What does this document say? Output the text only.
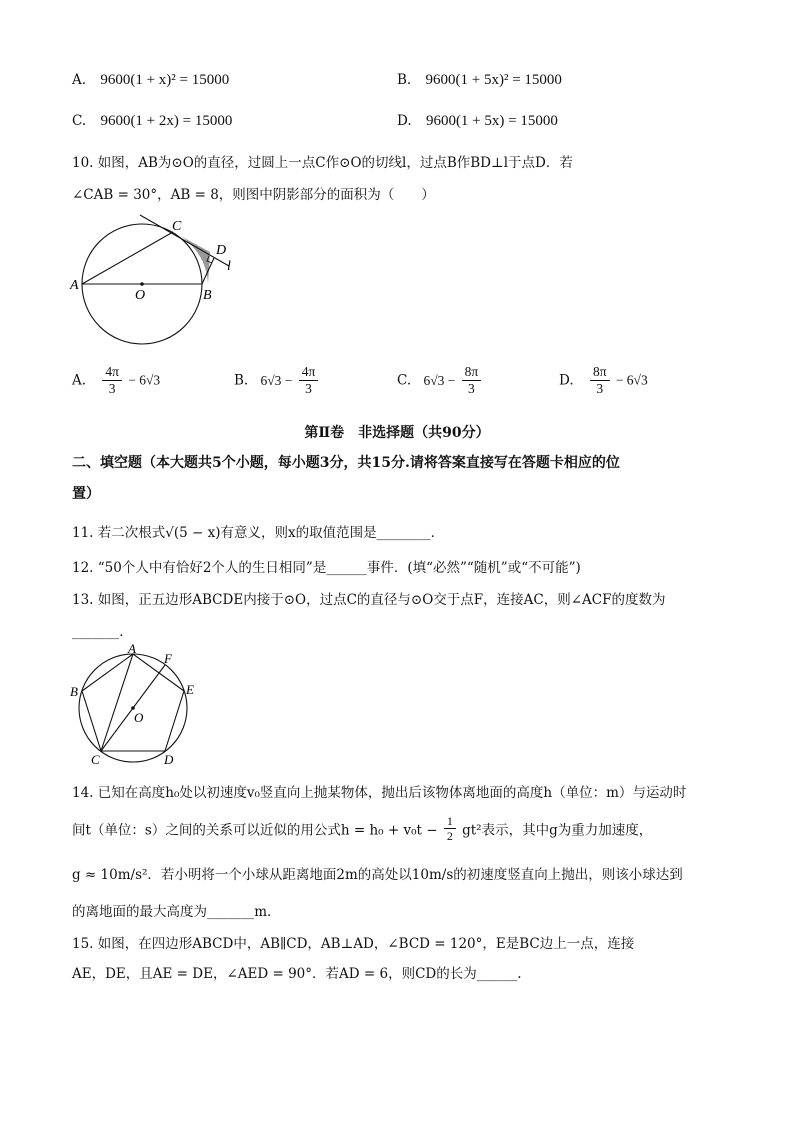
A. 9600(1 + x)² = 15000	B. 9600(1 + 5x)² = 15000
C. 9600(1 + 2x) = 15000	D. 9600(1 + 5x) = 15000
10. 如图，AB为⊙O的直径，过圆上一点C作⊙O的切线l，过点B作BD⊥l于点D．若
∠CAB = 30°，AB = 8，则图中阴影部分的面积为（　　）
A
B
C
D
l
O
A. $\frac{4\pi}{3} - 6√3$	B. $6√3 - \frac{4\pi}{3}$	C. $6√3 - \frac{8\pi}{3}$	D. $\frac{8\pi}{3} - 6√3$
第Ⅱ卷　非选择题（共90分）
二、填空题（本大题共5个小题，每小题3分，共15分.请将答案直接写在答题卡相应的位
置）
11. 若二次根式√(5 − x)有意义，则x的取值范围是________．
12. “50个人中有恰好2个人的生日相同”是______事件．(填“必然”“随机”或“不可能”)
13. 如图，正五边形ABCDE内接于⊙O，过点C的直径与⊙O交于点F，连接AC，则∠ACF的度数为
_______．
A
B
C	D
E
F
O
14. 已知在高度h₀处以初速度v₀竖直向上抛某物体，抛出后该物体离地面的高度h（单位：m）与运动时
间t（单位：s）之间的关系可以近似的用公式$h = h_0 + v_0t - \frac{1}{2} gt^2$表示，其中g为重力加速度，
g ≈ 10m/s²．若小明将一个小球从距离地面2m的高处以10m/s的初速度竖直向上抛出，则该小球达到
的离地面的最大高度为_______m．
15. 如图，在四边形ABCD中，AB∥CD，AB⊥AD，∠BCD = 120°，E是BC边上一点，连接
AE，DE，且AE = DE，∠AED = 90°．若AD = 6，则CD的长为______.
